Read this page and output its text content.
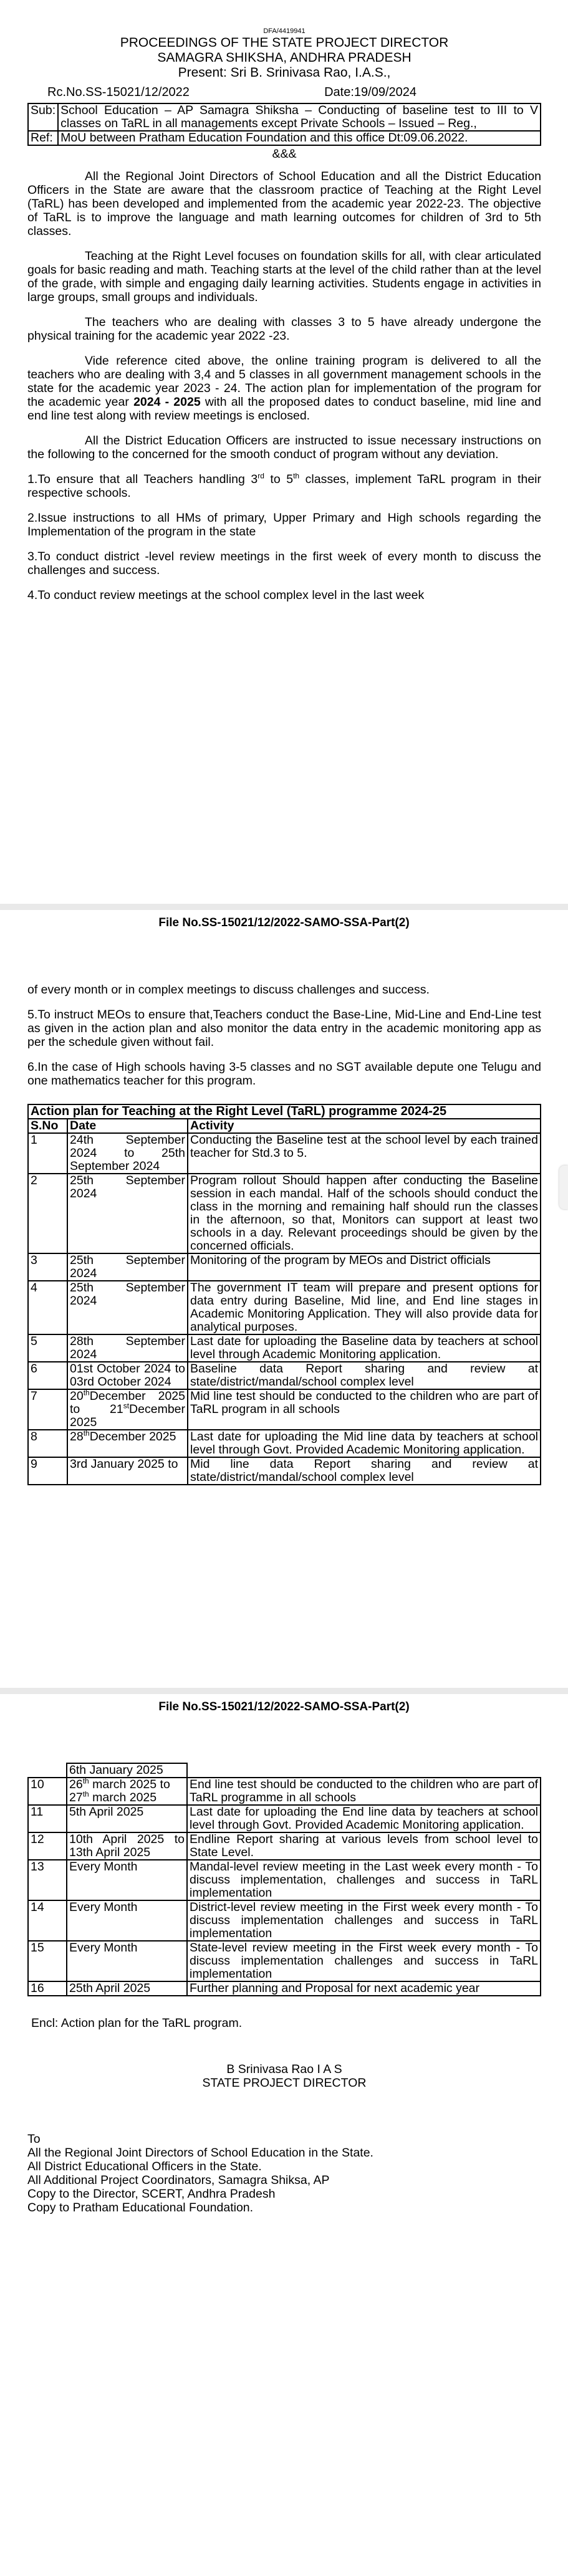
DFA/4419941
PROCEEDINGS OF THE STATE PROJECT DIRECTOR
SAMAGRA SHIKSHA, ANDHRA PRADESH
Present: Sri B. Srinivasa Rao, I.A.S.,
Rc.No.SS-15021/12/2022	Date:19/09/2024
Sub:	School Education – AP Samagra Shiksha – Conducting of baseline test to III to V classes on TaRL in all managements except Private Schools – Issued – Reg.,
Ref:	MoU between Pratham Education Foundation and this office Dt:09.06.2022.
&&&

All the Regional Joint Directors of School Education and all the District Education Officers in the State are aware that the classroom practice of Teaching at the Right Level (TaRL) has been developed and implemented from the academic year 2022-23. The objective of TaRL is to improve the language and math learning outcomes for children of 3rd to 5th classes.

Teaching at the Right Level focuses on foundation skills for all, with clear articulated goals for basic reading and math. Teaching starts at the level of the child rather than at the level of the grade, with simple and engaging daily learning activities. Students engage in activities in large groups, small groups and individuals.

The teachers who are dealing with classes 3 to 5 have already undergone the physical training for the academic year 2022 -23.

Vide reference cited above, the online training program is delivered to all the teachers who are dealing with 3,4 and 5 classes in all government management schools in the state for the academic year 2023 - 24. The action plan for implementation of the program for the academic year 2024 - 2025 with all the proposed dates to conduct baseline, mid line and end line test along with review meetings is enclosed.

All the District Education Officers are instructed to issue necessary instructions on the following to the concerned for the smooth conduct of program without any deviation.

1.To ensure that all Teachers handling 3rd to 5th classes, implement TaRL program in their respective schools.

2.Issue instructions to all HMs of primary, Upper Primary and High schools regarding the Implementation of the program in the state

3.To conduct district -level review meetings in the first week of every month to discuss the challenges and success.

4.To conduct review meetings at the school complex level in the last week

File No.SS-15021/12/2022-SAMO-SSA-Part(2)

of every month or in complex meetings to discuss challenges and success.

5.To instruct MEOs to ensure that,Teachers conduct the Base-Line, Mid-Line and End-Line test as given in the action plan and also monitor the data entry in the academic monitoring app as per the schedule given without fail.

6.In the case of High schools having 3-5 classes and no SGT available depute one Telugu and one mathematics teacher for this program.

Action plan for Teaching at the Right Level (TaRL) programme 2024-25		
S.No	Date	Activity
1	24th September 2024 to 25th September 2024	Conducting the Baseline test at the school level by each trained teacher for Std.3 to 5.
2	25th September 2024	Program rollout Should happen after conducting the Baseline session in each mandal. Half of the schools should conduct the class in the morning and remaining half should run the classes in the afternoon, so that, Monitors can support at least two schools in a day. Relevant proceedings should be given by the concerned officials.
3	25th September 2024	Monitoring of the program by MEOs and District officials
4	25th September 2024	The government IT team will prepare and present options for data entry during Baseline, Mid line, and End line stages in Academic Monitoring Application. They will also provide data for analytical purposes.
5	28th September 2024	Last date for uploading the Baseline data by teachers at school level through Academic Monitoring application.
6	01st October 2024 to 03rd October 2024	Baseline data Report sharing and review at state/district/mandal/school complex level
7	20thDecember 2025 to 21stDecember 2025	Mid line test should be conducted to the children who are part of TaRL program in all schools
8	28thDecember 2025	Last date for uploading the Mid line data by teachers at school level through Govt. Provided Academic Monitoring application.
9	3rd January 2025 to	Mid line data Report sharing and review at state/district/mandal/school complex level
File No.SS-15021/12/2022-SAMO-SSA-Part(2)
	6th January 2025	
10	26th march 2025 to
27th march 2025	End line test should be conducted to the children who are part of TaRL programme in all schools
11	5th April 2025	Last date for uploading the End line data by teachers at school level through Govt. Provided Academic Monitoring application.
12	10th April 2025 to 13th April 2025	Endline Report sharing at various levels from school level to State Level.
13	Every Month	Mandal-level review meeting in the Last week every month - To discuss implementation, challenges and success in TaRL implementation
14	Every Month	District-level review meeting in the First week every month - To discuss implementation challenges and success in TaRL implementation
15	Every Month	State-level review meeting in the First week every month - To discuss implementation challenges and success in TaRL implementation
16	25th April 2025	Further planning and Proposal for next academic year

Encl: Action plan for the TaRL program.

B Srinivasa Rao I A S
STATE PROJECT DIRECTOR
To
All the Regional Joint Directors of School Education in the State.
All District Educational Officers in the State.
All Additional Project Coordinators, Samagra Shiksa, AP
Copy to the Director, SCERT, Andhra Pradesh
Copy to Pratham Educational Foundation.
